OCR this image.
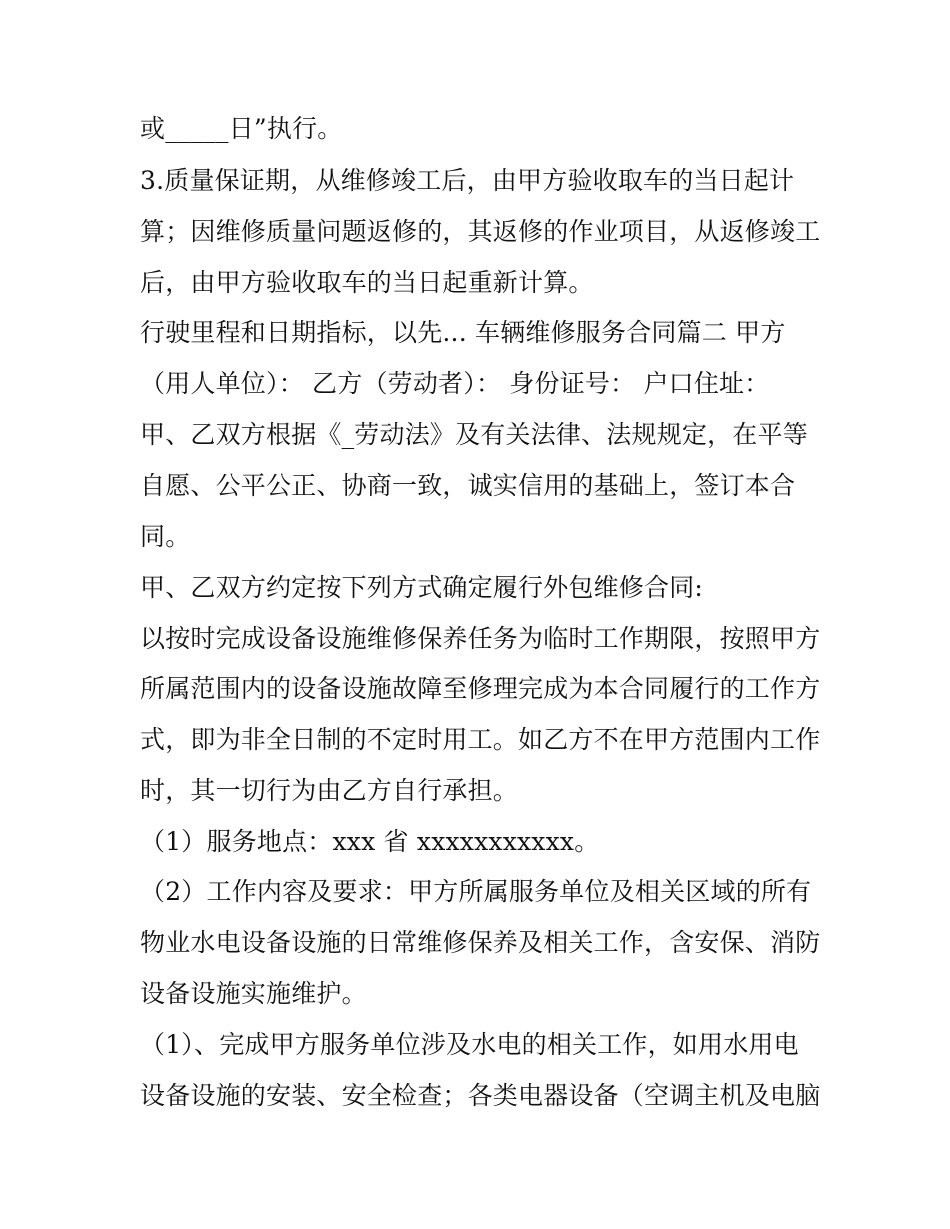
或_____日”执行。
3.质量保证期，从维修竣工后，由甲方验收取车的当日起计
算；因维修质量问题返修的，其返修的作业项目，从返修竣工
后，由甲方验收取车的当日起重新计算。
行驶里程和日期指标，以先... 车辆维修服务合同篇二 甲方
（用人单位）： 乙方（劳动者）： 身份证号： 户口住址：
甲、乙双方根据《_劳动法》及有关法律、法规规定，在平等
自愿、公平公正、协商一致，诚实信用的基础上，签订本合
同。
甲、乙双方约定按下列方式确定履行外包维修合同:
以按时完成设备设施维修保养任务为临时工作期限，按照甲方
所属范围内的设备设施故障至修理完成为本合同履行的工作方
式，即为非全日制的不定时用工。如乙方不在甲方范围内工作
时，其一切行为由乙方自行承担。
（1）服务地点：xxx 省 xxxxxxxxxxx。
（2）工作内容及要求：甲方所属服务单位及相关区域的所有
物业水电设备设施的日常维修保养及相关工作，含安保、消防
设备设施实施维护。
（1）、完成甲方服务单位涉及水电的相关工作，如用水用电
设备设施的安装、安全检查；各类电器设备（空调主机及电脑
